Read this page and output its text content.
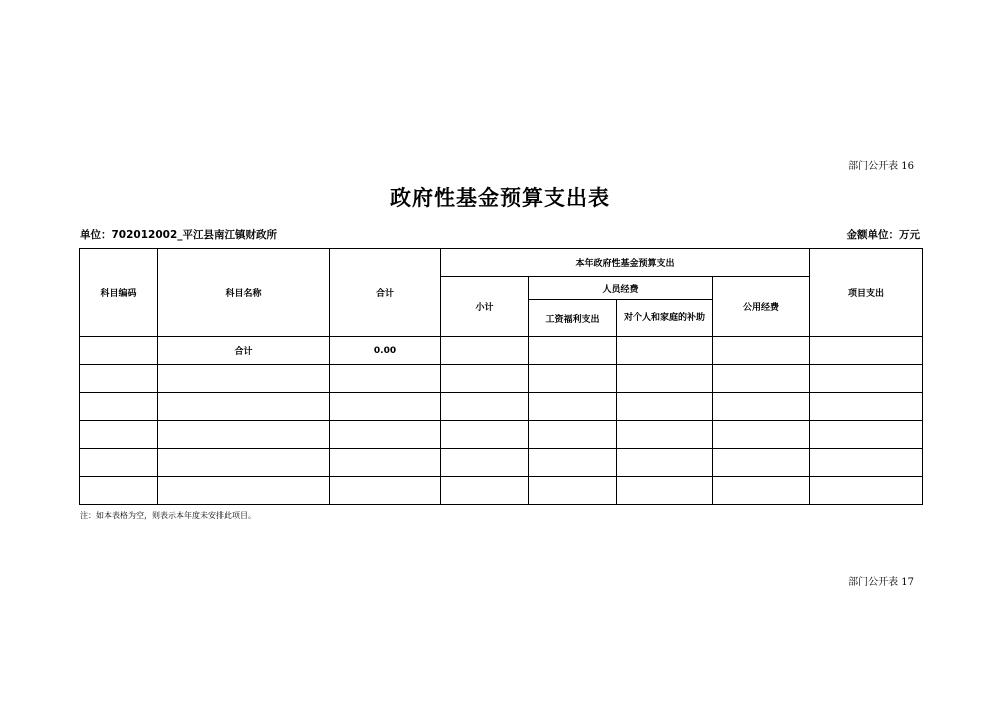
部门公开表 16
政府性基金预算支出表
单位：702012002_平江县南江镇财政所	金额单位：万元
科目编码	科目名称	合计	本年政府性基金预算支出				项目支出
			小计	人员经费		公用经费	
				工资福利支出	对个人和家庭的补助		
	合计	0.00					

注：如本表格为空，则表示本年度未安排此项目。
部门公开表 17
